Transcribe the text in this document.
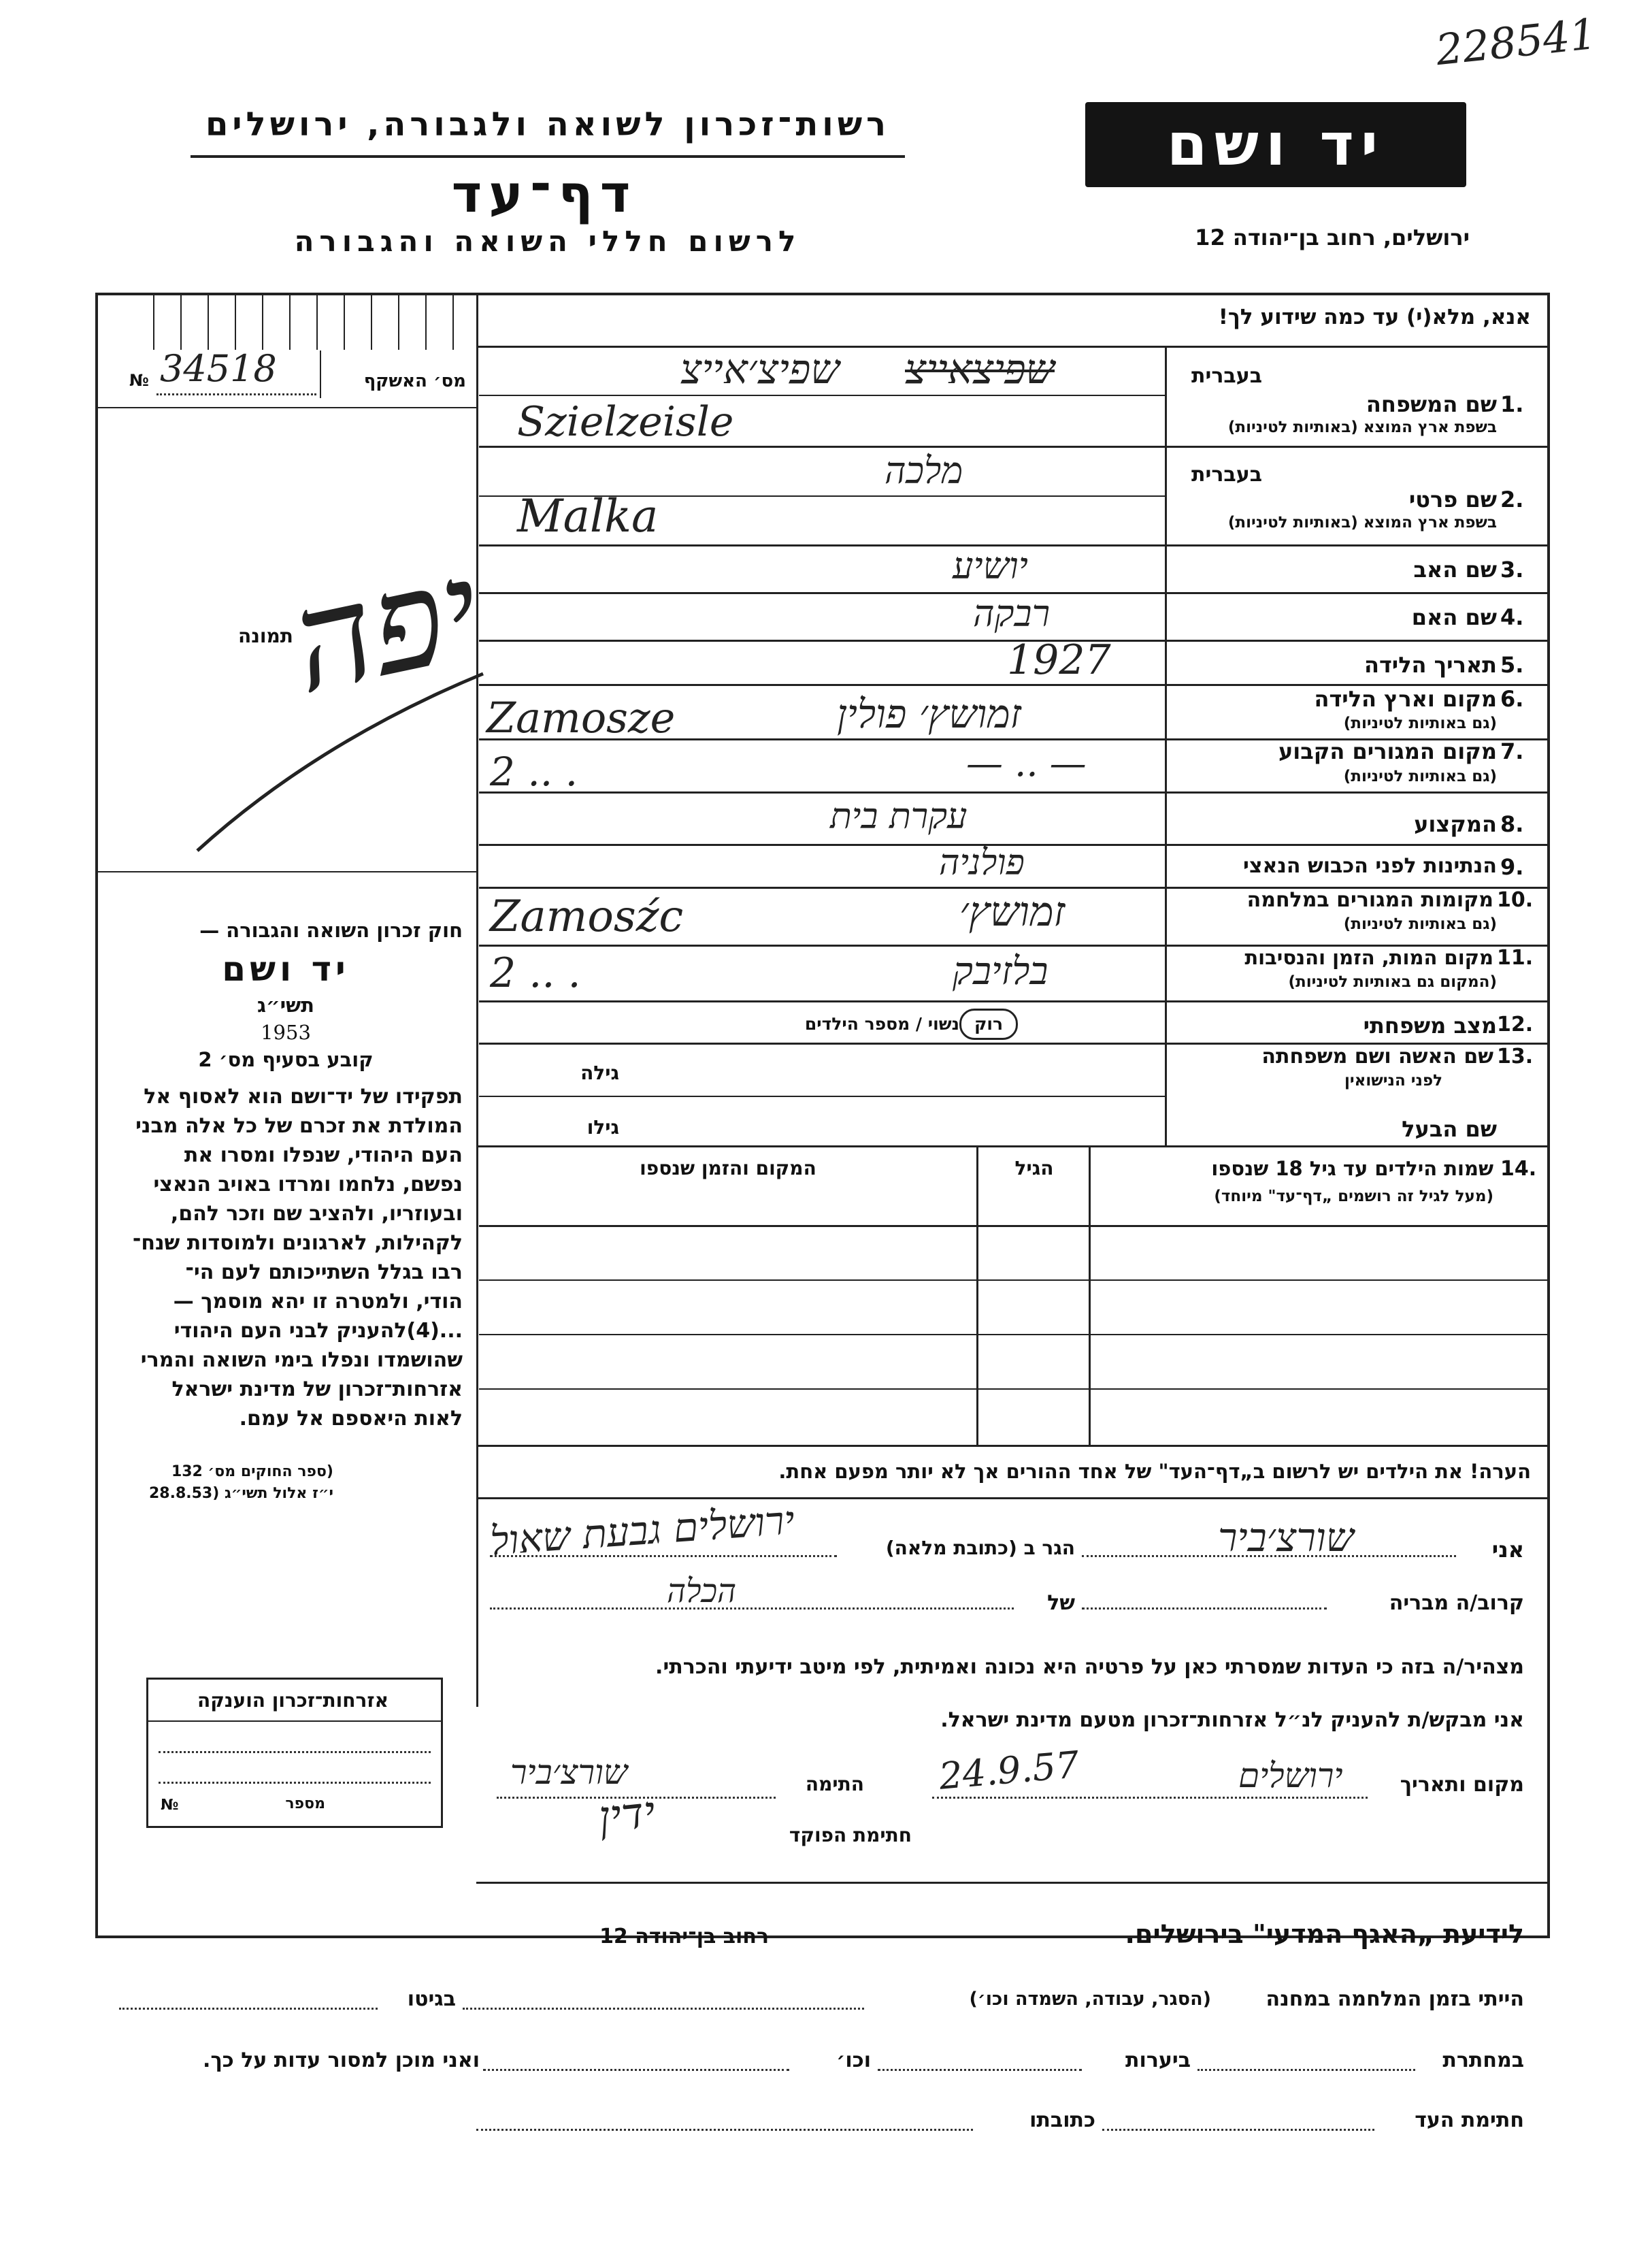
228541
רשות־זכרון לשואה ולגבורה, ירושלים
דף־עד
לרשום חללי השואה והגבורה
יד ושם
ירושלים, רחוב בן־יהודה 12
№ 34518	מס׳ האשקף
תמונה
יפה
אנא, מלא(י) עד כמה שידוע לך!
בעברית
שם המשפחה 1.
בשפת ארץ המוצא (באותיות לטיניות)
שפיצאייצ
שפיצ׳אייצ
Szielzeisle
בעברית
שם פרטי 2.
בשפת ארץ המוצא (באותיות לטיניות)
מלכה
Malka
שם האב 3.
יושיע
שם האם 4.
רבקה
תאריך הלידה 5.
1927
מקום וארץ הלידה 6.
(גם באותיות לטיניות)
זמושץ׳ פולין
Zamosze
מקום המגורים הקבוע 7.
(גם באותיות לטיניות)
— .. —
2 .. .
המקצוע 8.
עקרת בית
הנתינות לפני הכבוש הנאצי 9.
פולניה
מקומות המגורים במלחמה 10.
(גם באותיות לטיניות)
זמושץ׳
Zamosźc
מקום המות, הזמן והנסיבות 11.
(המקום גם באותיות לטיניות)
בלזיבק
2 .. .
מצב משפחתי 12.
נשוי / מספר הילדים רוק
שם האשה ושם משפחתה 13.
לפני הנישואין
גילה
שם הבעל
גילו
14.
שמות הילדים עד גיל 18 שנספו
(מעל לגיל זה רושמים „דף־עד" מיוחד)
הגיל
המקום והזמן שנספו
הערה! את הילדים יש לרשום ב„דף־העד" של אחד ההורים אך לא יותר מפעם אחת.
חוק זכרון השואה והגבורה —
יד ושם
תשי״ג
1953
קובע בסעיף מס׳ 2
תפקידו של יד־ושם הוא לאסוף אל
המולדת את זכרם של כל אלה מבני
העם היהודי, שנפלו ומסרו את
נפשם, נלחמו ומרדו באויב הנאצי
ובעוזריו, ולהציב שם וזכר להם,
לקהילות, לארגונים ולמוסדות שנח־
רבו בגלל השתייכותם לעם הי־
הודי, ולמטרה זו יהא מוסמך —
...(4)להעניק לבני העם היהודי
שהושמדו ונפלו בימי השואה והמרי
אזרחות־זכרון של מדינת ישראל
לאות היאספם אל עמם.
(ספר החוקים מס׳ 132
י״ז אלול תשי״ג (28.8.53
אזרחות־זכרון הוענקה
מספר
№
אני
שורצ׳ביר
הגר ב (כתובת מלאה)
ירושלים גבעת שאול
קרוב/ה מבריה
של
הכלה
מצהיר/ה בזה כי העדות שמסרתי כאן על פרטיה היא נכונה ואמיתית, לפי מיטב ידיעתי והכרתי.
אני מבקש/ת להעניק לנ״ל אזרחות־זכרון מטעם מדינת ישראל.
מקום ותאריך
ירושלים
24.9.57
התימה
שורצ׳ביר
חתימת הפוקד
ידין
לידיעת „האגף המדעי" בירושלים.
רחוב בן־יהודה 12
הייתי בזמן המלחמה במחנה
(הסגר, עבודה, השמדה וכו׳)
בגיטו
במחתרת
ביערות
וכו׳
ואני מוכן למסור עדות על כך.
חתימת העד
כתובתו
